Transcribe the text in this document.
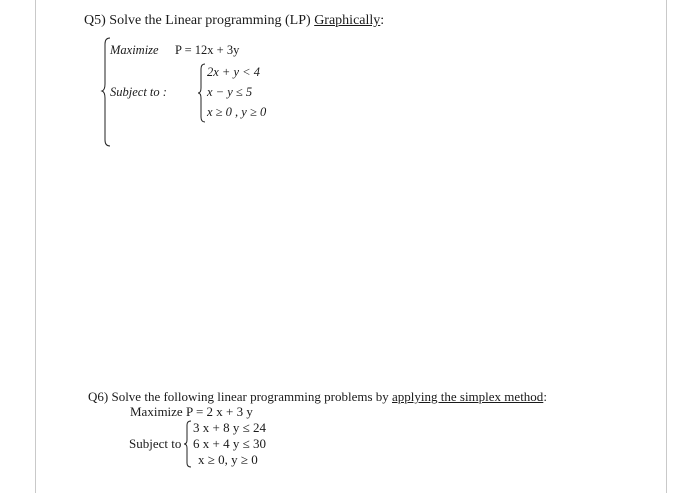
Q5) Solve the Linear programming (LP) Graphically:
Maximize P = 12x + 3y
Subject to :
2x + y < 4
x − y ≤ 5
x ≥ 0 , y ≥ 0
Q6) Solve the following linear programming problems by applying the simplex method:
Maximize P = 2 x + 3 y
Subject to
3 x + 8 y ≤ 24
6 x + 4 y ≤ 30
x ≥ 0, y ≥ 0
